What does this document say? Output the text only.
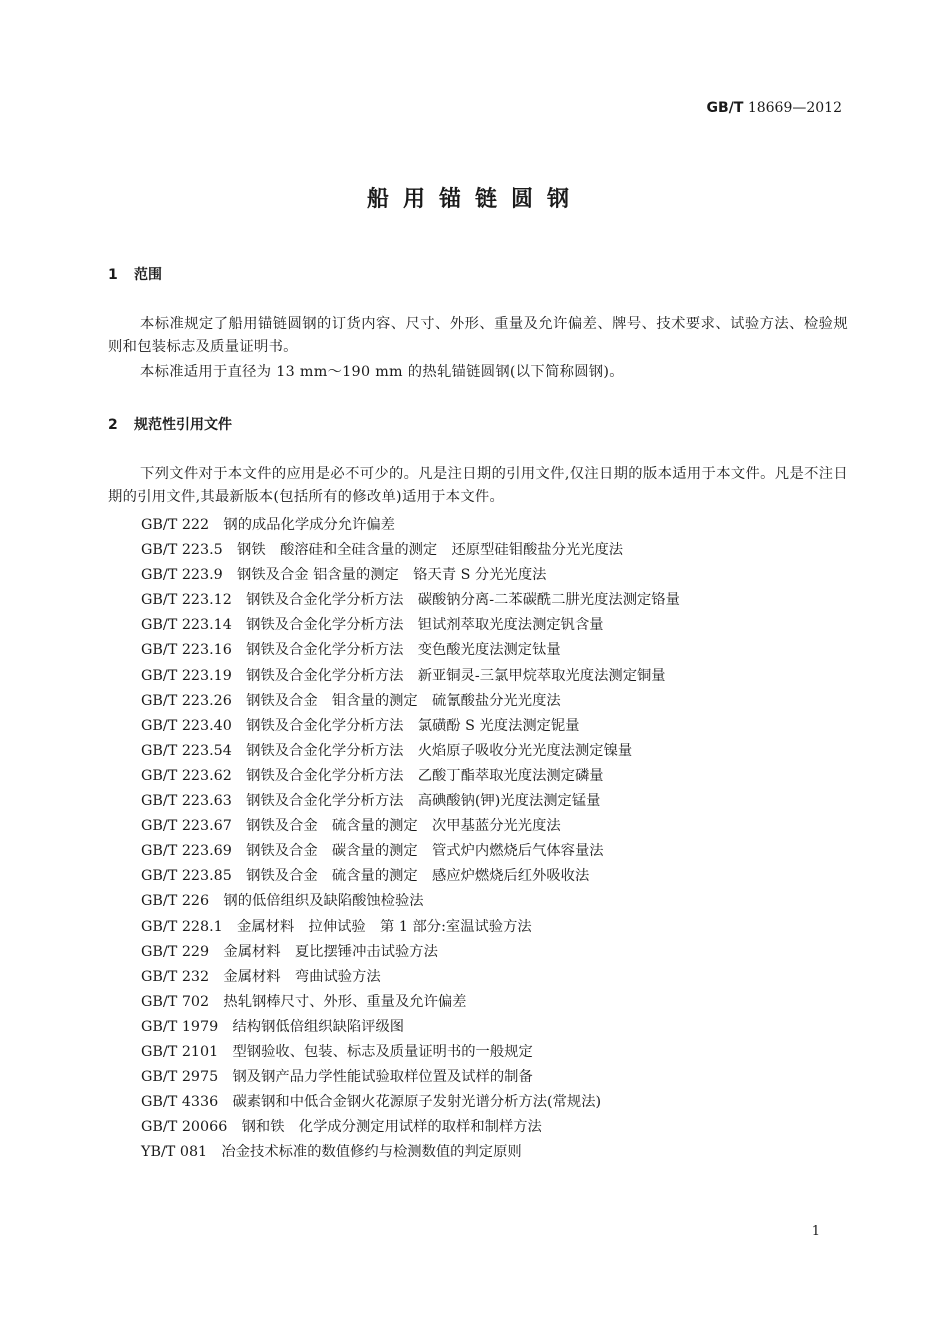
GB/T 18669—2012
船用锚链圆钢
1 范围

本标准规定了船用锚链圆钢的订货内容、尺寸、外形、重量及允许偏差、牌号、技术要求、试验方法、检验规则和包装标志及质量证明书。

本标准适用于直径为 13 mm～190 mm 的热轧锚链圆钢(以下简称圆钢)。

2 规范性引用文件

下列文件对于本文件的应用是必不可少的。凡是注日期的引用文件,仅注日期的版本适用于本文件。凡是不注日期的引用文件,其最新版本(包括所有的修改单)适用于本文件。

GB/T 222　钢的成品化学成分允许偏差
GB/T 223.5　钢铁　酸溶硅和全硅含量的测定　还原型硅钼酸盐分光光度法
GB/T 223.9　钢铁及合金 铝含量的测定　铬天青 S 分光光度法
GB/T 223.12　钢铁及合金化学分析方法　碳酸钠分离-二苯碳酰二肼光度法测定铬量
GB/T 223.14　钢铁及合金化学分析方法　钽试剂萃取光度法测定钒含量
GB/T 223.16　钢铁及合金化学分析方法　变色酸光度法测定钛量
GB/T 223.19　钢铁及合金化学分析方法　新亚铜灵-三氯甲烷萃取光度法测定铜量
GB/T 223.26　钢铁及合金　钼含量的测定　硫氰酸盐分光光度法
GB/T 223.40　钢铁及合金化学分析方法　氯磺酚 S 光度法测定铌量
GB/T 223.54　钢铁及合金化学分析方法　火焰原子吸收分光光度法测定镍量
GB/T 223.62　钢铁及合金化学分析方法　乙酸丁酯萃取光度法测定磷量
GB/T 223.63　钢铁及合金化学分析方法　高碘酸钠(钾)光度法测定锰量
GB/T 223.67　钢铁及合金　硫含量的测定　次甲基蓝分光光度法
GB/T 223.69　钢铁及合金　碳含量的测定　管式炉内燃烧后气体容量法
GB/T 223.85　钢铁及合金　硫含量的测定　感应炉燃烧后红外吸收法
GB/T 226　钢的低倍组织及缺陷酸蚀检验法
GB/T 228.1　金属材料　拉伸试验　第 1 部分:室温试验方法
GB/T 229　金属材料　夏比摆锤冲击试验方法
GB/T 232　金属材料　弯曲试验方法
GB/T 702　热轧钢棒尺寸、外形、重量及允许偏差
GB/T 1979　结构钢低倍组织缺陷评级图
GB/T 2101　型钢验收、包装、标志及质量证明书的一般规定
GB/T 2975　钢及钢产品力学性能试验取样位置及试样的制备
GB/T 4336　碳素钢和中低合金钢火花源原子发射光谱分析方法(常规法)
GB/T 20066　钢和铁　化学成分测定用试样的取样和制样方法
YB/T 081　冶金技术标准的数值修约与检测数值的判定原则
1
